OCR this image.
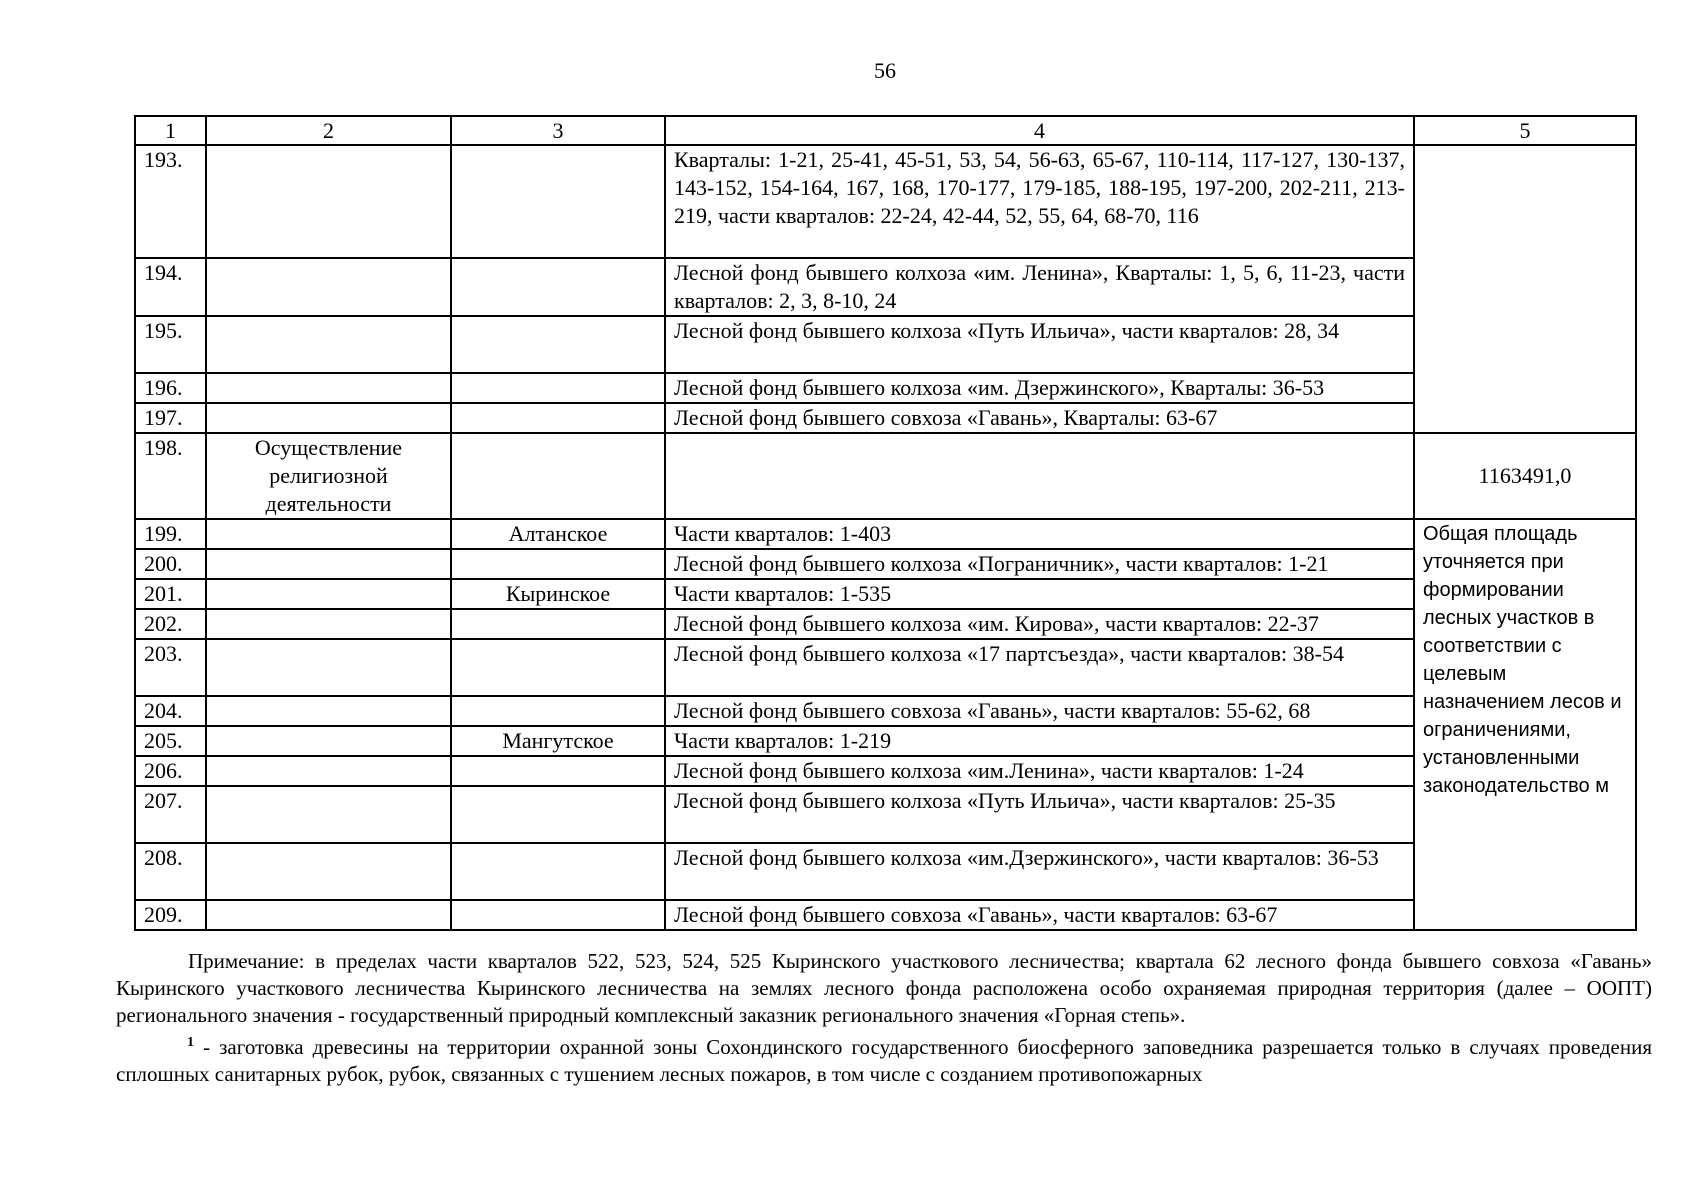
56
1	2	3	4	5
193.			Кварталы: 1-21, 25-41, 45-51, 53, 54, 56-63, 65-67, 110-114, 117-127, 130-137, 143-152, 154-164, 167, 168, 170-177, 179-185, 188-195, 197-200, 202-211, 213-219, части кварталов: 22-24, 42-44, 52, 55, 64, 68-70, 116	
194.			Лесной фонд бывшего колхоза «им. Ленина», Кварталы: 1, 5, 6, 11-23, части кварталов: 2, 3, 8-10, 24	
195.			Лесной фонд бывшего колхоза «Путь Ильича», части кварталов: 28, 34	
196.			Лесной фонд бывшего колхоза «им. Дзержинского», Кварталы: 36-53	
197.			Лесной фонд бывшего совхоза «Гавань», Кварталы: 63-67	
198.	Осуществление религиозной деятельности			1163491,0
199.		Алтанское	Части кварталов: 1-403	Общая площадь уточняется при формировании лесных участков в соответствии с целевым назначением лесов и ограничениями, установленными законодательство м
200.			Лесной фонд бывшего колхоза «Пограничник», части кварталов: 1-21	
201.		Кыринское	Части кварталов: 1-535	
202.			Лесной фонд бывшего колхоза «им. Кирова», части кварталов: 22-37	
203.			Лесной фонд бывшего колхоза «17 партсъезда», части кварталов: 38-54	
204.			Лесной фонд бывшего совхоза «Гавань», части кварталов: 55-62, 68	
205.		Мангутское	Части кварталов: 1-219	
206.			Лесной фонд бывшего колхоза «им.Ленина», части кварталов: 1-24	
207.			Лесной фонд бывшего колхоза «Путь Ильича», части кварталов: 25-35	
208.			Лесной фонд бывшего колхоза «им.Дзержинского», части кварталов: 36-53	
209.			Лесной фонд бывшего совхоза «Гавань», части кварталов: 63-67	

Примечание: в пределах части кварталов 522, 523, 524, 525 Кыринского участкового лесничества; квартала 62 лесного фонда бывшего совхоза «Гавань» Кыринского участкового лесничества Кыринского лесничества на землях лесного фонда расположена особо охраняемая природная территория (далее – ООПТ) регионального значения - государственный природный комплексный заказник регионального значения «Горная степь».

$^1$ - заготовка древесины на территории охранной зоны Сохондинского государственного биосферного заповедника разрешается только в случаях проведения сплошных санитарных рубок, рубок, связанных с тушением лесных пожаров, в том числе с созданием противопожарных
